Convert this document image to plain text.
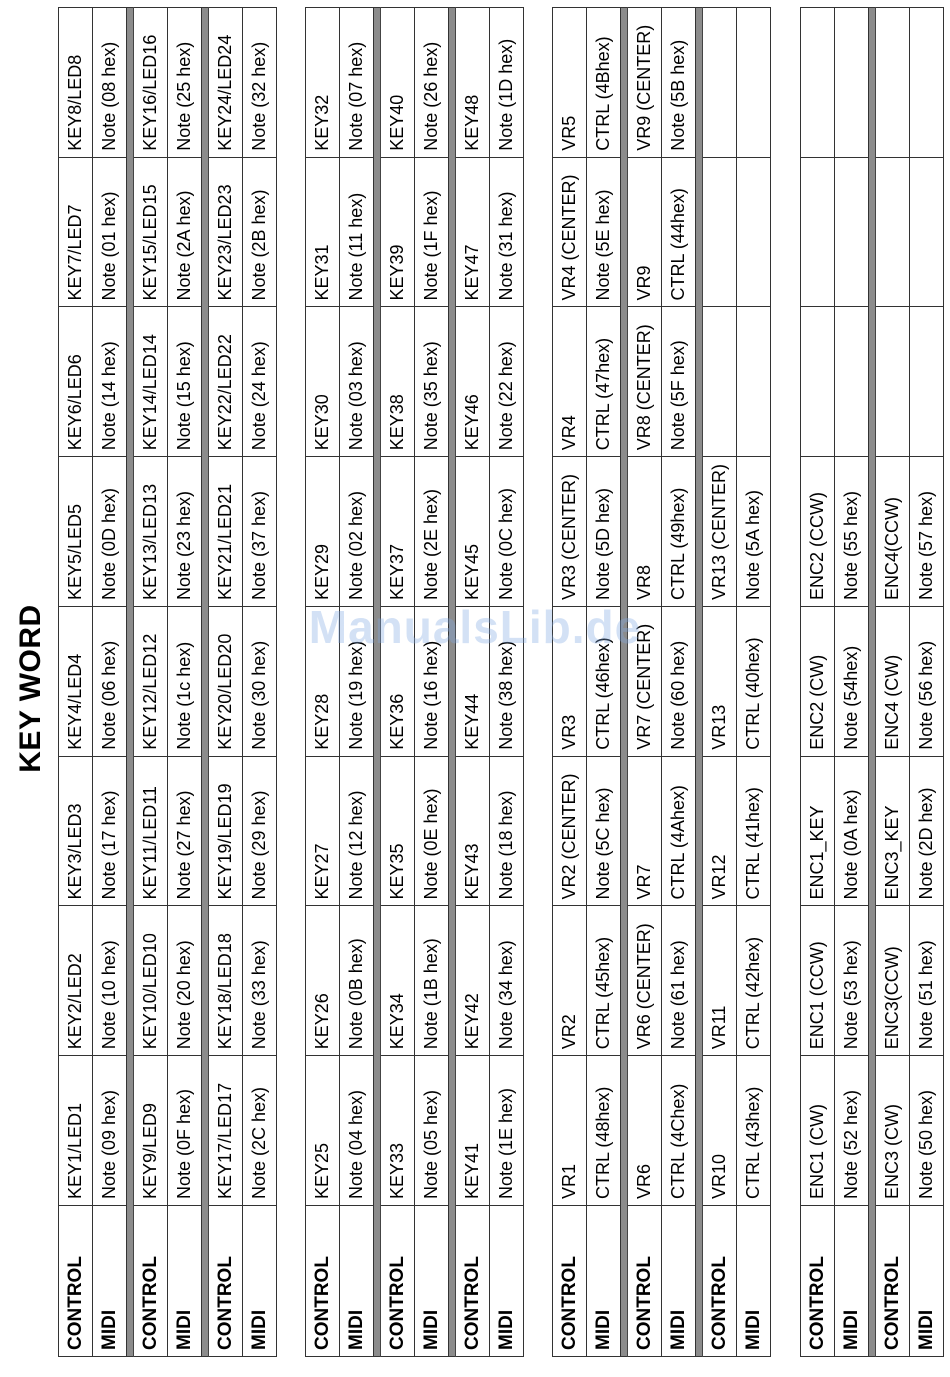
KEY WORD
CONTROL	KEY1/LED1	KEY2/LED2	KEY3/LED3	KEY4/LED4	KEY5/LED5	KEY6/LED6	KEY7/LED7	KEY8/LED8
MIDI	Note (09 hex)	Note (10 hex)	Note (17 hex)	Note (06 hex)	Note (0D hex)	Note (14 hex)	Note (01 hex)	Note (08 hex)

CONTROL	KEY9/LED9	KEY10/LED10	KEY11/LED11	KEY12/LED12	KEY13/LED13	KEY14/LED14	KEY15/LED15	KEY16/LED16
MIDI	Note (0F hex)	Note (20 hex)	Note (27 hex)	Note (1c hex)	Note (23 hex)	Note (15 hex)	Note (2A hex)	Note (25 hex)

CONTROL	KEY17/LED17	KEY18/LED18	KEY19/LED19	KEY20/LED20	KEY21/LED21	KEY22/LED22	KEY23/LED23	KEY24/LED24
MIDI	Note (2C hex)	Note (33 hex)	Note (29 hex)	Note (30 hex)	Note (37 hex)	Note (24 hex)	Note (2B hex)	Note (32 hex)
CONTROL	KEY25	KEY26	KEY27	KEY28	KEY29	KEY30	KEY31	KEY32
MIDI	Note (04 hex)	Note (0B hex)	Note (12 hex)	Note (19 hex)	Note (02 hex)	Note (03 hex)	Note (11 hex)	Note (07 hex)

CONTROL	KEY33	KEY34	KEY35	KEY36	KEY37	KEY38	KEY39	KEY40
MIDI	Note (05 hex)	Note (1B hex)	Note (0E hex)	Note (16 hex)	Note (2E hex)	Note (35 hex)	Note (1F hex)	Note (26 hex)

CONTROL	KEY41	KEY42	KEY43	KEY44	KEY45	KEY46	KEY47	KEY48
MIDI	Note (1E hex)	Note (34 hex)	Note (18 hex)	Note (38 hex)	Note (0C hex)	Note (22 hex)	Note (31 hex)	Note (1D hex)
CONTROL	VR1	VR2	VR2 (CENTER)	VR3	VR3 (CENTER)	VR4	VR4 (CENTER)	VR5
MIDI	CTRL (48hex)	CTRL (45hex)	Note (5C hex)	CTRL (46hex)	Note (5D hex)	CTRL (47hex)	Note (5E hex)	CTRL (4Bhex)

CONTROL	VR6	VR6 (CENTER)	VR7	VR7 (CENTER)	VR8	VR8 (CENTER)	VR9	VR9 (CENTER)
MIDI	CTRL (4Chex)	Note (61 hex)	CTRL (4Ahex)	Note (60 hex)	CTRL (49hex)	Note (5F hex)	CTRL (44hex)	Note (5B hex)

CONTROL	VR10	VR11	VR12	VR13	VR13 (CENTER)			
MIDI	CTRL (43hex)	CTRL (42hex)	CTRL (41hex)	CTRL (40hex)	Note (5A hex)			
CONTROL	ENC1 (CW)	ENC1 (CCW)	ENC1_KEY	ENC2 (CW)	ENC2 (CCW)			
MIDI	Note (52 hex)	Note (53 hex)	Note (0A hex)	Note (54hex)	Note (55 hex)			

CONTROL	ENC3 (CW)	ENC3(CCW)	ENC3_KEY	ENC4 (CW)	ENC4(CCW)			
MIDI	Note (50 hex)	Note (51 hex)	Note (2D hex)	Note (56 hex)	Note (57 hex)			
ManualsLib.de
